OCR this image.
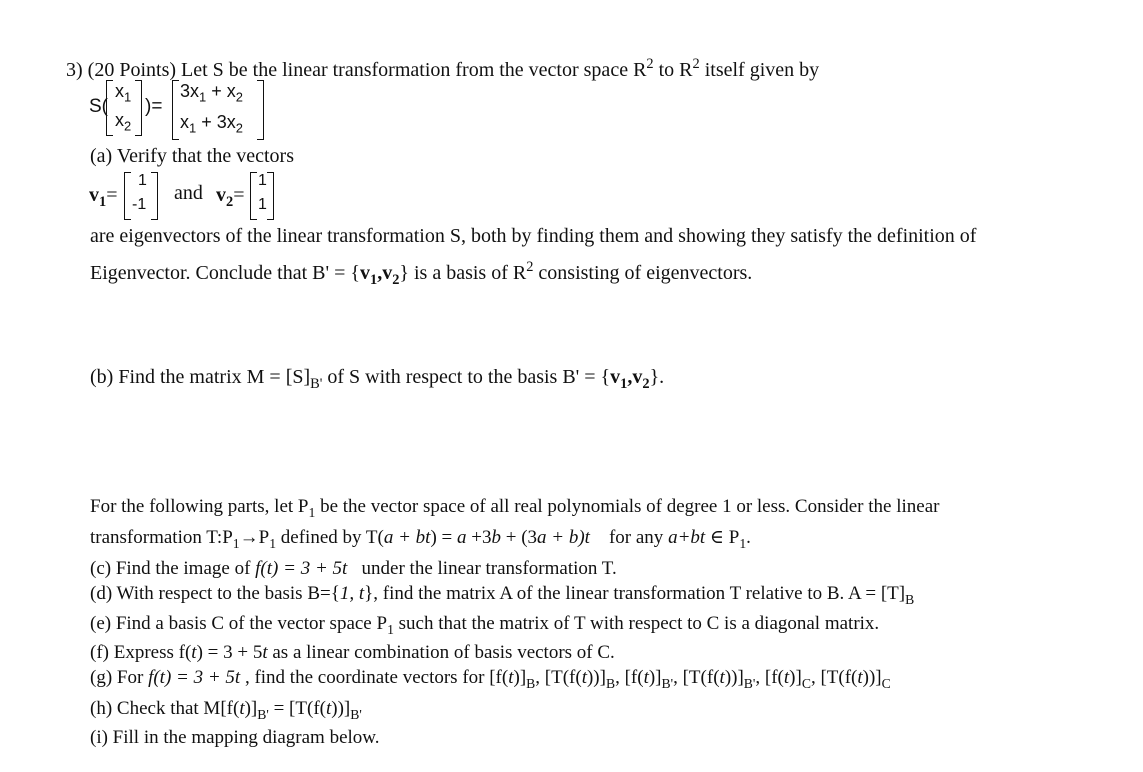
3) (20 Points) Let S be the linear transformation from the vector space $R^2$ to $R^2$ itself given by
S(
$x_1$
$x_2$
)=
$3x_1 + x_2$
$x_1 + 3x_2$
(a) Verify that the vectors
$v_1=$
1
-1
and $v_2=$
1
1
are eigenvectors of the linear transformation S, both by finding them and showing they satisfy the definition of
Eigenvector. Conclude that $B' = \{v_1,v_2\}$ is a basis of $R^2$ consisting of eigenvectors.
(b) Find the matrix $M = [S]_{B'}$ of S with respect to the basis $B' = \{v_1,v_2\}$.
For the following parts, let $P_1$ be the vector space of all real polynomials of degree 1 or less. Consider the linear
transformation $T:P_1\to P_1$ defined by T(a + bt) = a +3b + (3a + b)t    for any a+bt ∈ $P_1$.
(c) Find the image of f(t) = 3 + 5t   under the linear transformation T.
(d) With respect to the basis B={1, t}, find the matrix A of the linear transformation T relative to B. $A = [T]_B$
(e) Find a basis C of the vector space $P_1$ such that the matrix of T with respect to C is a diagonal matrix.
(f) Express f(t) = 3 + 5t as a linear combination of basis vectors of C.
(g) For f(t) = 3 + 5t , find the coordinate vectors for $[f(t)]_B$, $[T(f(t))]_B$, $[f(t)]_{B'}$, $[T(f(t))]_{B'}$, $[f(t)]_C$, $[T(f(t))]_C$
(h) Check that $M[f(t)]_{B'} = [T(f(t))]_{B'}$
(i) Fill in the mapping diagram below.
